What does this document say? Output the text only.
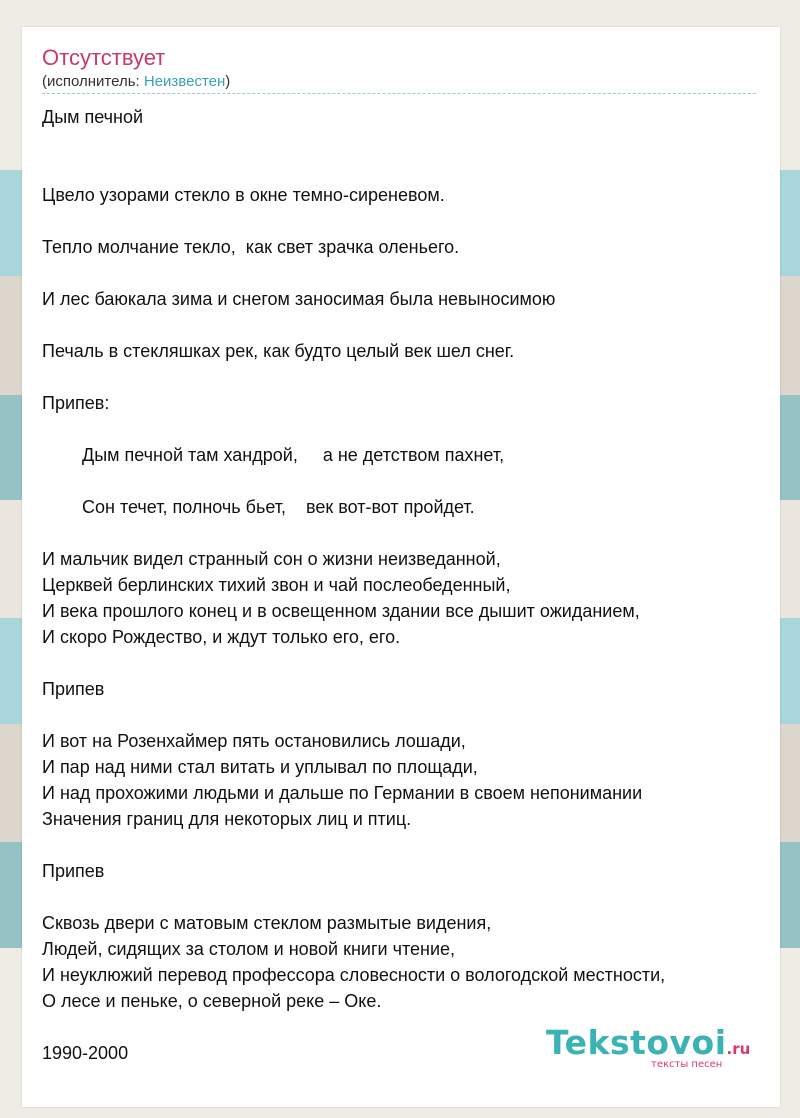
Отсутствует
(исполнитель: Неизвестен)
Дым печной
Цвело узорами стекло в окне темно-сиреневом.
Тепло молчание текло,  как свет зрачка оленьего.
И лес баюкала зима и снегом заносимая была невыносимою
Печаль в стекляшках рек, как будто целый век шел снег.
Припев:
Дым печной там хандрой,     а не детством пахнет,
Сон течет, полночь бьет,    век вот-вот пройдет.
И мальчик видел странный сон о жизни неизведанной,
Церквей берлинских тихий звон и чай послеобеденный,
И века прошлого конец и в освещенном здании все дышит ожиданием,
И скоро Рождество, и ждут только его, его.
Припев
И вот на Розенхаймер пять остановились лошади,
И пар над ними стал витать и уплывал по площади,
И над прохожими людьми и дальше по Германии в своем непонимании
Значения границ для некоторых лиц и птиц.
Припев
Сквозь двери с матовым стеклом размытые видения,
Людей, сидящих за столом и новой книги чтение,
И неуклюжий перевод профессора словесности о вологодской местности,
О лесе и пеньке, о северной реке – Оке.
1990-2000	Tekstovoi.ru
тексты песен
